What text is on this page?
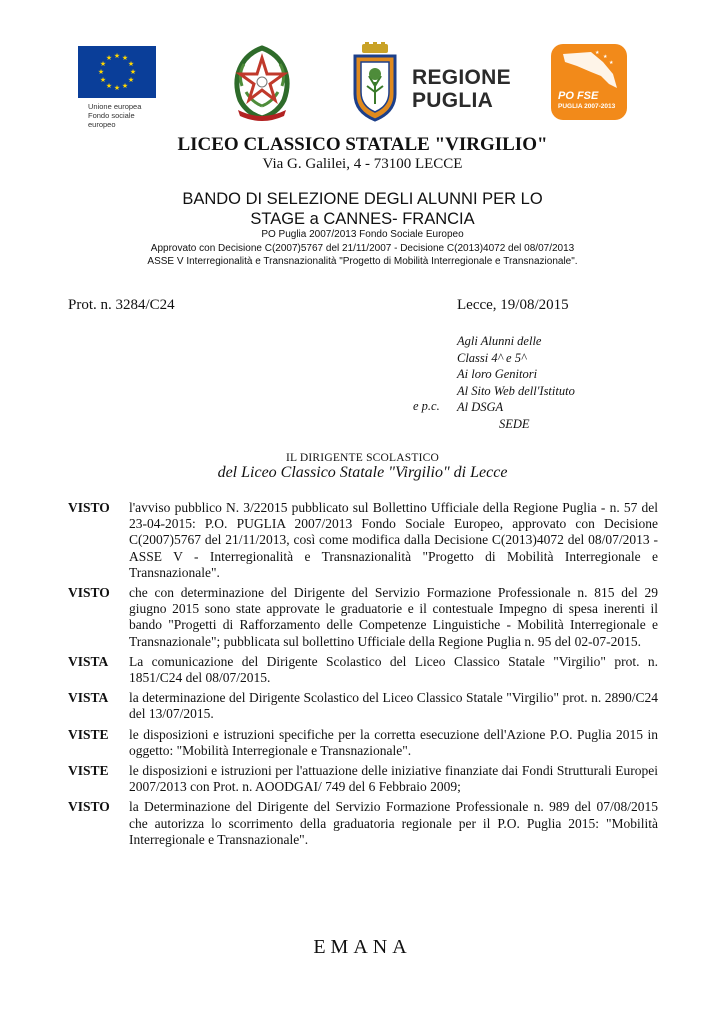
★ ★
★
★
★
★
★
★
★
★
★
★
Unione europea
Fondo sociale europeo
REGIONE
PUGLIA
★
★
★
PO FSE
PUGLIA 2007-2013
LICEO CLASSICO STATALE "VIRGILIO"
Via G. Galilei, 4 - 73100 LECCE
BANDO DI SELEZIONE DEGLI ALUNNI PER LO
STAGE a CANNES- FRANCIA
PO Puglia 2007/2013 Fondo Sociale Europeo
Approvato con Decisione C(2007)5767 del 21/11/2007 - Decisione C(2013)4072 del 08/07/2013
ASSE V Interregionalità e Transnazionalità "Progetto di Mobilità Interregionale e Transnazionale".
Prot. n. 3284/C24	Lecce, 19/08/2015
Agli Alunni delle
Classi 4^ e 5^
Ai loro Genitori
Al Sito Web dell'Istituto
Al DSGA
SEDE
e p.c.
IL DIRIGENTE SCOLASTICO
del Liceo Classico Statale "Virgilio" di Lecce
VISTO	l'avviso pubblico N. 3/22015 pubblicato sul Bollettino Ufficiale della Regione Puglia - n. 57 del 23-04-2015: P.O. PUGLIA 2007/2013 Fondo Sociale Europeo, approvato con Decisione C(2007)5767 del 21/11/2013, così come modifica dalla Decisione C(2013)4072 del 08/07/2013 - ASSE V - Interregionalità e Transnazionalità "Progetto di Mobilità Interregionale e Transnazionale".
VISTO	che con determinazione del Dirigente del Servizio Formazione Professionale n. 815 del 29 giugno 2015 sono state approvate le graduatorie e il contestuale Impegno di spesa inerenti il bando "Progetti di Rafforzamento delle Competenze Linguistiche - Mobilità Interregionale e Transnazionale"; pubblicata sul bollettino Ufficiale della Regione Puglia n. 95 del 02-07-2015.
VISTA	La comunicazione del Dirigente Scolastico del Liceo Classico Statale "Virgilio" prot. n. 1851/C24 del 08/07/2015.
VISTA	la determinazione del Dirigente Scolastico del Liceo Classico Statale "Virgilio" prot. n. 2890/C24 del 13/07/2015.
VISTE	le disposizioni e istruzioni specifiche per la corretta esecuzione dell'Azione P.O. Puglia 2015 in oggetto: "Mobilità Interregionale e Transnazionale".
VISTE	le disposizioni e istruzioni per l'attuazione delle iniziative finanziate dai Fondi Strutturali Europei 2007/2013 con Prot. n. AOODGAI/ 749 del 6 Febbraio 2009;
VISTO	la Determinazione del Dirigente del Servizio Formazione Professionale n. 989 del 07/08/2015 che autorizza lo scorrimento della graduatoria regionale per il P.O. Puglia 2015: "Mobilità Interregionale e Transnazionale".
EMANA
